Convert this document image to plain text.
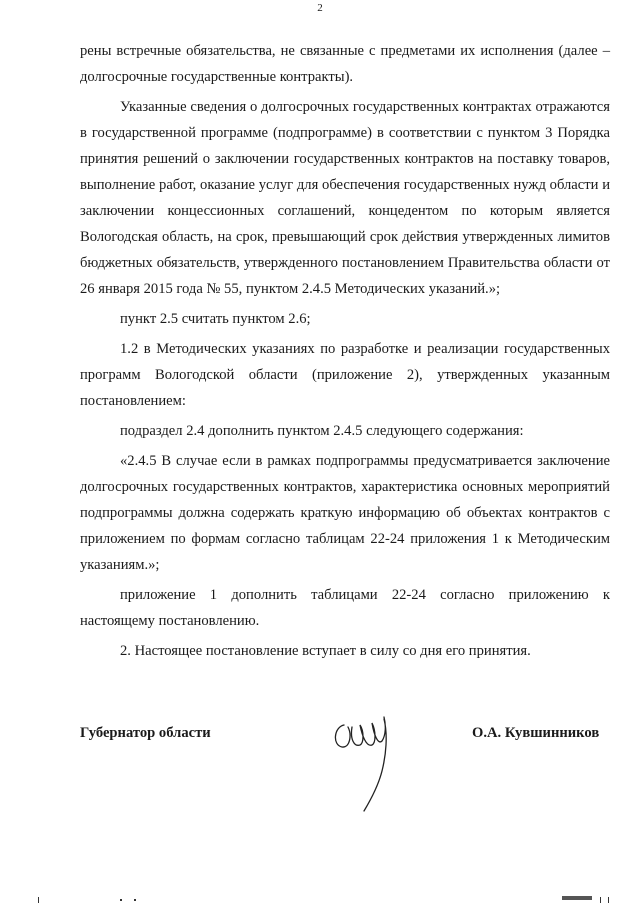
2

рены встречные обязательства, не связанные с предметами их исполнения (далее – долгосрочные государственные контракты).

Указанные сведения о долгосрочных государственных контрактах отражаются в государственной программе (подпрограмме) в соответствии с пунктом 3 Порядка принятия решений о заключении государственных контрактов на поставку товаров, выполнение работ, оказание услуг для обеспечения государственных нужд области и заключении концессионных соглашений, концедентом по которым является Вологодская область, на срок, превышающий срок действия утвержденных лимитов бюджетных обязательств, утвержденного постановлением Правительства области от 26 января 2015 года № 55, пунктом 2.4.5 Методических указаний.»;

пункт 2.5 считать пунктом 2.6;

1.2 в Методических указаниях по разработке и реализации государственных программ Вологодской области (приложение 2), утвержденных указанным постановлением:

подраздел 2.4 дополнить пунктом 2.4.5 следующего содержания:

«2.4.5 В случае если в рамках подпрограммы предусматривается заключение долгосрочных государственных контрактов, характеристика основных мероприятий подпрограммы должна содержать краткую информацию об объектах контрактов с приложением по формам согласно таблицам 22-24 приложения 1 к Методическим указаниям.»;

приложение 1 дополнить таблицами 22-24 согласно приложению к настоящему постановлению.

2. Настоящее постановление вступает в силу со дня его принятия.

Губернатор области	О.А. Кувшинников
